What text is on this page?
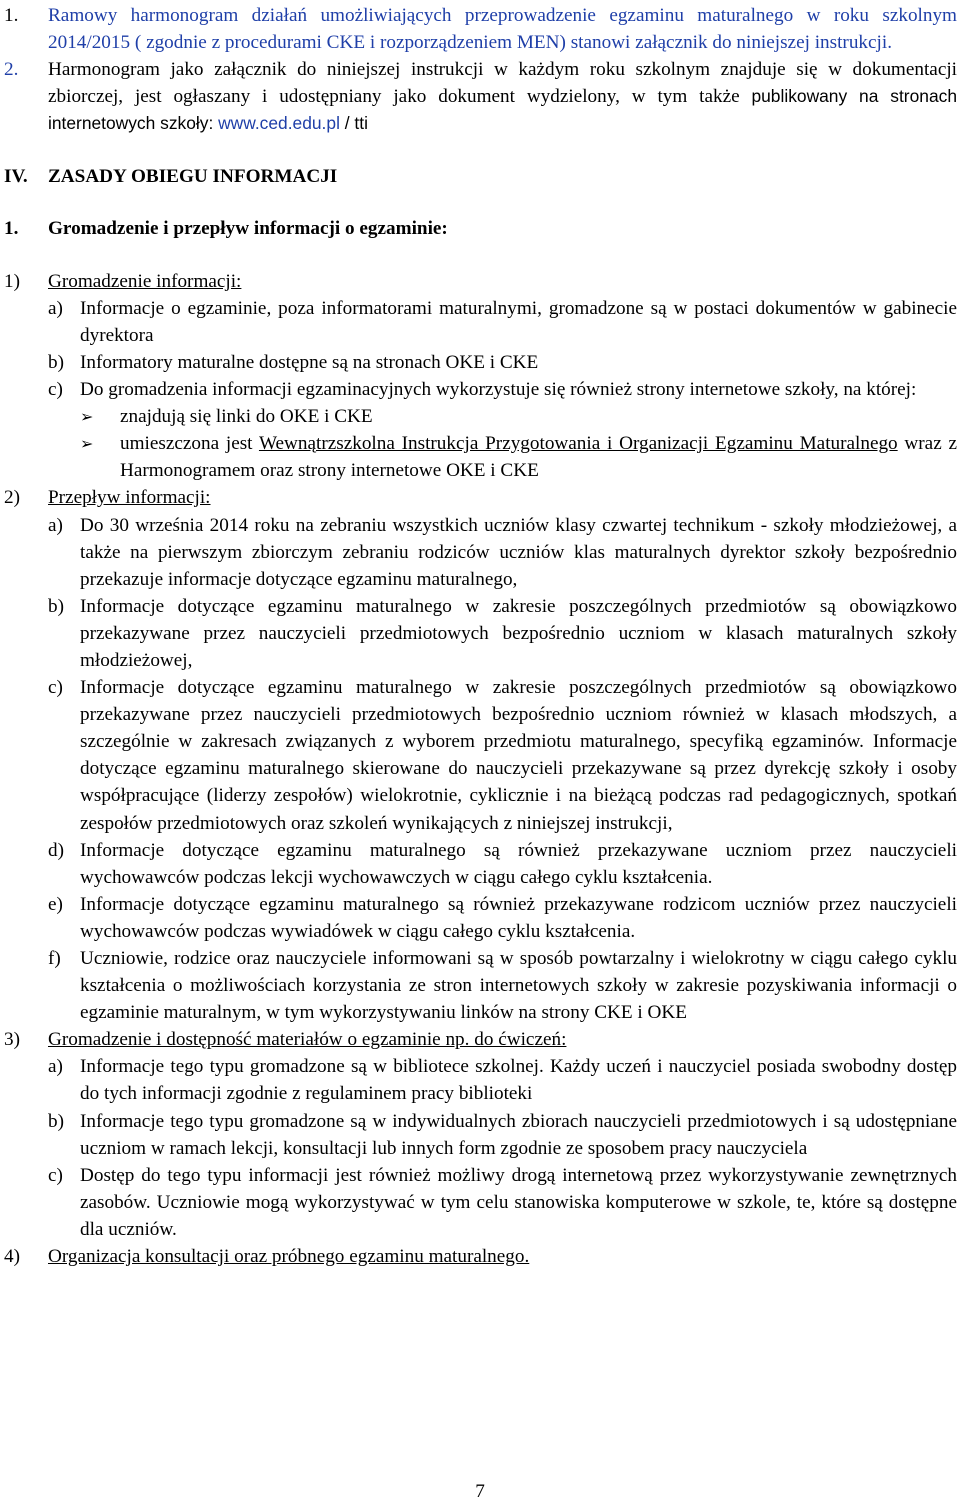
1.	Ramowy harmonogram działań umożliwiających przeprowadzenie egzaminu maturalnego w roku szkolnym 2014/2015 ( zgodnie z procedurami CKE i rozporządzeniem MEN) stanowi załącznik do niniejszej instrukcji.
2.	Harmonogram jako załącznik do niniejszej instrukcji w każdym roku szkolnym znajduje się w dokumentacji zbiorczej, jest ogłaszany i udostępniany jako dokument wydzielony, w tym także publikowany na stronach internetowych szkoły: www.ced.edu.pl / tti
IV.	ZASADY OBIEGU INFORMACJI
1.	Gromadzenie i przepływ informacji o egzaminie:
1)	Gromadzenie informacji:
a) Informacje o egzaminie, poza informatorami maturalnymi, gromadzone są w postaci dokumentów w gabinecie dyrektora
b) Informatory maturalne dostępne są na stronach OKE i CKE
c) Do gromadzenia informacji egzaminacyjnych wykorzystuje się również strony internetowe szkoły, na której:
➢	znajdują się linki do OKE i CKE
➢	umieszczona jest Wewnątrzszkolna Instrukcja Przygotowania i Organizacji Egzaminu Maturalnego wraz z Harmonogramem oraz strony internetowe OKE i CKE
2)	Przepływ informacji:
a) Do 30 września 2014 roku na zebraniu wszystkich uczniów klasy czwartej technikum - szkoły młodzieżowej, a także na pierwszym zbiorczym zebraniu rodziców uczniów klas maturalnych dyrektor szkoły bezpośrednio przekazuje informacje dotyczące egzaminu maturalnego,
b) Informacje dotyczące egzaminu maturalnego w zakresie poszczególnych przedmiotów są obowiązkowo przekazywane przez nauczycieli przedmiotowych bezpośrednio uczniom w klasach maturalnych szkoły młodzieżowej,
c) Informacje dotyczące egzaminu maturalnego w zakresie poszczególnych przedmiotów są obowiązkowo przekazywane przez nauczycieli przedmiotowych bezpośrednio uczniom również w klasach młodszych, a szczególnie w zakresach związanych z wyborem przedmiotu maturalnego, specyfiką egzaminów. Informacje dotyczące egzaminu maturalnego skierowane do nauczycieli przekazywane są przez dyrekcję szkoły i osoby współpracujące (liderzy zespołów) wielokrotnie, cyklicznie i na bieżącą podczas rad pedagogicznych, spotkań zespołów przedmiotowych oraz szkoleń wynikających z niniejszej instrukcji,
d) Informacje dotyczące egzaminu maturalnego są również przekazywane uczniom przez nauczycieli wychowawców podczas lekcji wychowawczych w ciągu całego cyklu kształcenia.
e) Informacje dotyczące egzaminu maturalnego są również przekazywane rodzicom uczniów przez nauczycieli wychowawców podczas wywiadówek w ciągu całego cyklu kształcenia.
f)	Uczniowie, rodzice oraz nauczyciele informowani są w sposób powtarzalny i wielokrotny w ciągu całego cyklu kształcenia o możliwościach korzystania ze stron internetowych szkoły w zakresie pozyskiwania informacji o egzaminie maturalnym, w tym wykorzystywaniu linków na strony CKE i OKE
3)	Gromadzenie i dostępność materiałów o egzaminie np. do ćwiczeń:
a) Informacje tego typu gromadzone są w bibliotece szkolnej. Każdy uczeń i nauczyciel posiada swobodny dostęp do tych informacji zgodnie z regulaminem pracy biblioteki
b) Informacje tego typu gromadzone są w indywidualnych zbiorach nauczycieli przedmiotowych i są udostępniane uczniom w ramach lekcji, konsultacji lub innych form zgodnie ze sposobem pracy nauczyciela
c) Dostęp do tego typu informacji jest również możliwy drogą internetową przez wykorzystywanie zewnętrznych zasobów. Uczniowie mogą wykorzystywać w tym celu stanowiska komputerowe w szkole, te, które są dostępne dla uczniów.
4)	Organizacja konsultacji oraz próbnego egzaminu maturalnego.
7
